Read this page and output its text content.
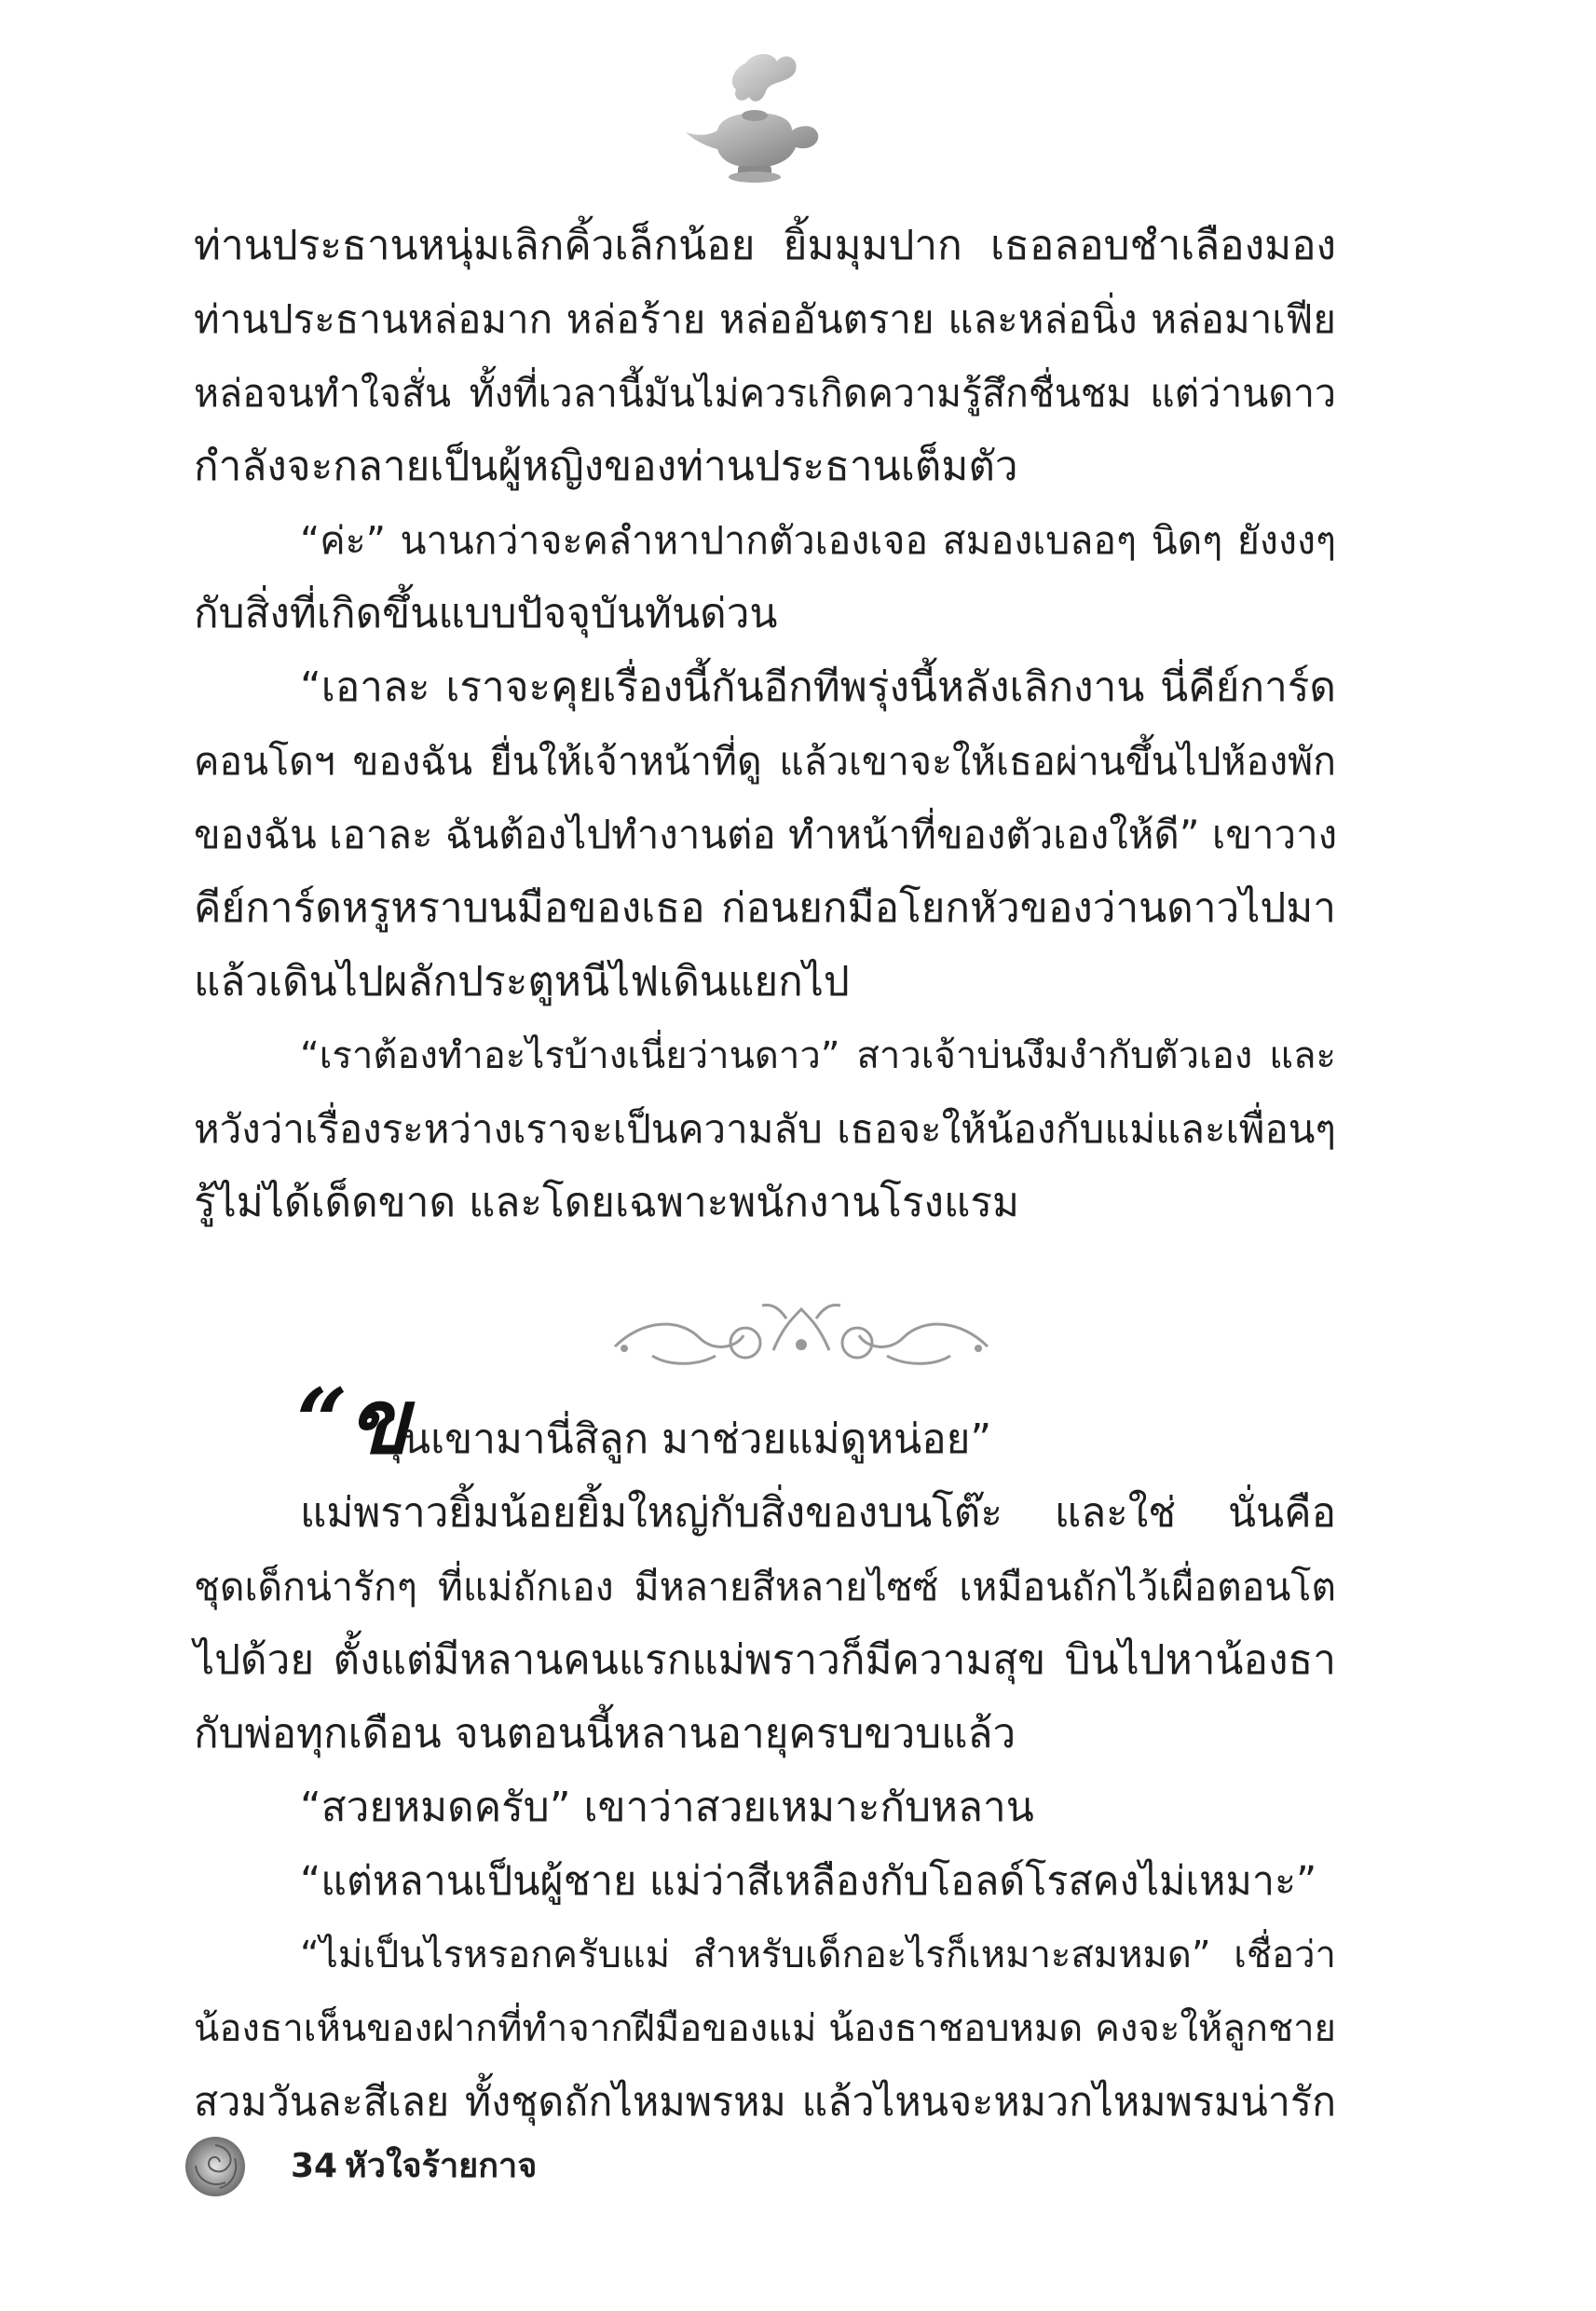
ท่านประธานหนุ่มเลิกคิ้วเล็กน้อย ยิ้มมุมปาก เธอลอบชำเลืองมอง
ท่านประธานหล่อมาก หล่อร้าย หล่ออันตราย และหล่อนิ่ง หล่อมาเฟีย
หล่อจนทำใจสั่น ทั้งที่เวลานี้มันไม่ควรเกิดความรู้สึกชื่นชม แต่ว่านดาว
กำลังจะกลายเป็นผู้หญิงของท่านประธานเต็มตัว
“ค่ะ” นานกว่าจะคลำหาปากตัวเองเจอ สมองเบลอๆ นิดๆ ยังงงๆ
กับสิ่งที่เกิดขึ้นแบบปัจจุบันทันด่วน
“เอาละ เราจะคุยเรื่องนี้กันอีกทีพรุ่งนี้หลังเลิกงาน นี่คีย์การ์ด
คอนโดฯ ของฉัน ยื่นให้เจ้าหน้าที่ดู แล้วเขาจะให้เธอผ่านขึ้นไปห้องพัก
ของฉัน เอาละ ฉันต้องไปทำงานต่อ ทำหน้าที่ของตัวเองให้ดี” เขาวาง
คีย์การ์ดหรูหราบนมือของเธอ ก่อนยกมือโยกหัวของว่านดาวไปมา
แล้วเดินไปผลักประตูหนีไฟเดินแยกไป
“เราต้องทำอะไรบ้างเนี่ยว่านดาว” สาวเจ้าบ่นงึมงำกับตัวเอง และ
หวังว่าเรื่องระหว่างเราจะเป็นความลับ เธอจะให้น้องกับแม่และเพื่อนๆ
รู้ไม่ได้เด็ดขาด และโดยเฉพาะพนักงานโรงแรม
“ข
ุนเขามานี่สิลูก มาช่วยแม่ดูหน่อย”
แม่พราวยิ้มน้อยยิ้มใหญ่กับสิ่งของบนโต๊ะ และใช่ นั่นคือ
ชุดเด็กน่ารักๆ ที่แม่ถักเอง มีหลายสีหลายไซซ์ เหมือนถักไว้เผื่อตอนโต
ไปด้วย ตั้งแต่มีหลานคนแรกแม่พราวก็มีความสุข บินไปหาน้องธา
กับพ่อทุกเดือน จนตอนนี้หลานอายุครบขวบแล้ว
“สวยหมดครับ” เขาว่าสวยเหมาะกับหลาน
“แต่หลานเป็นผู้ชาย แม่ว่าสีเหลืองกับโอลด์โรสคงไม่เหมาะ”
“ไม่เป็นไรหรอกครับแม่ สำหรับเด็กอะไรก็เหมาะสมหมด” เชื่อว่า
น้องธาเห็นของฝากที่ทำจากฝีมือของแม่ น้องธาชอบหมด คงจะให้ลูกชาย
สวมวันละสีเลย ทั้งชุดถักไหมพรหม แล้วไหนจะหมวกไหมพรมน่ารัก
34 หัวใจร้ายกาจ
